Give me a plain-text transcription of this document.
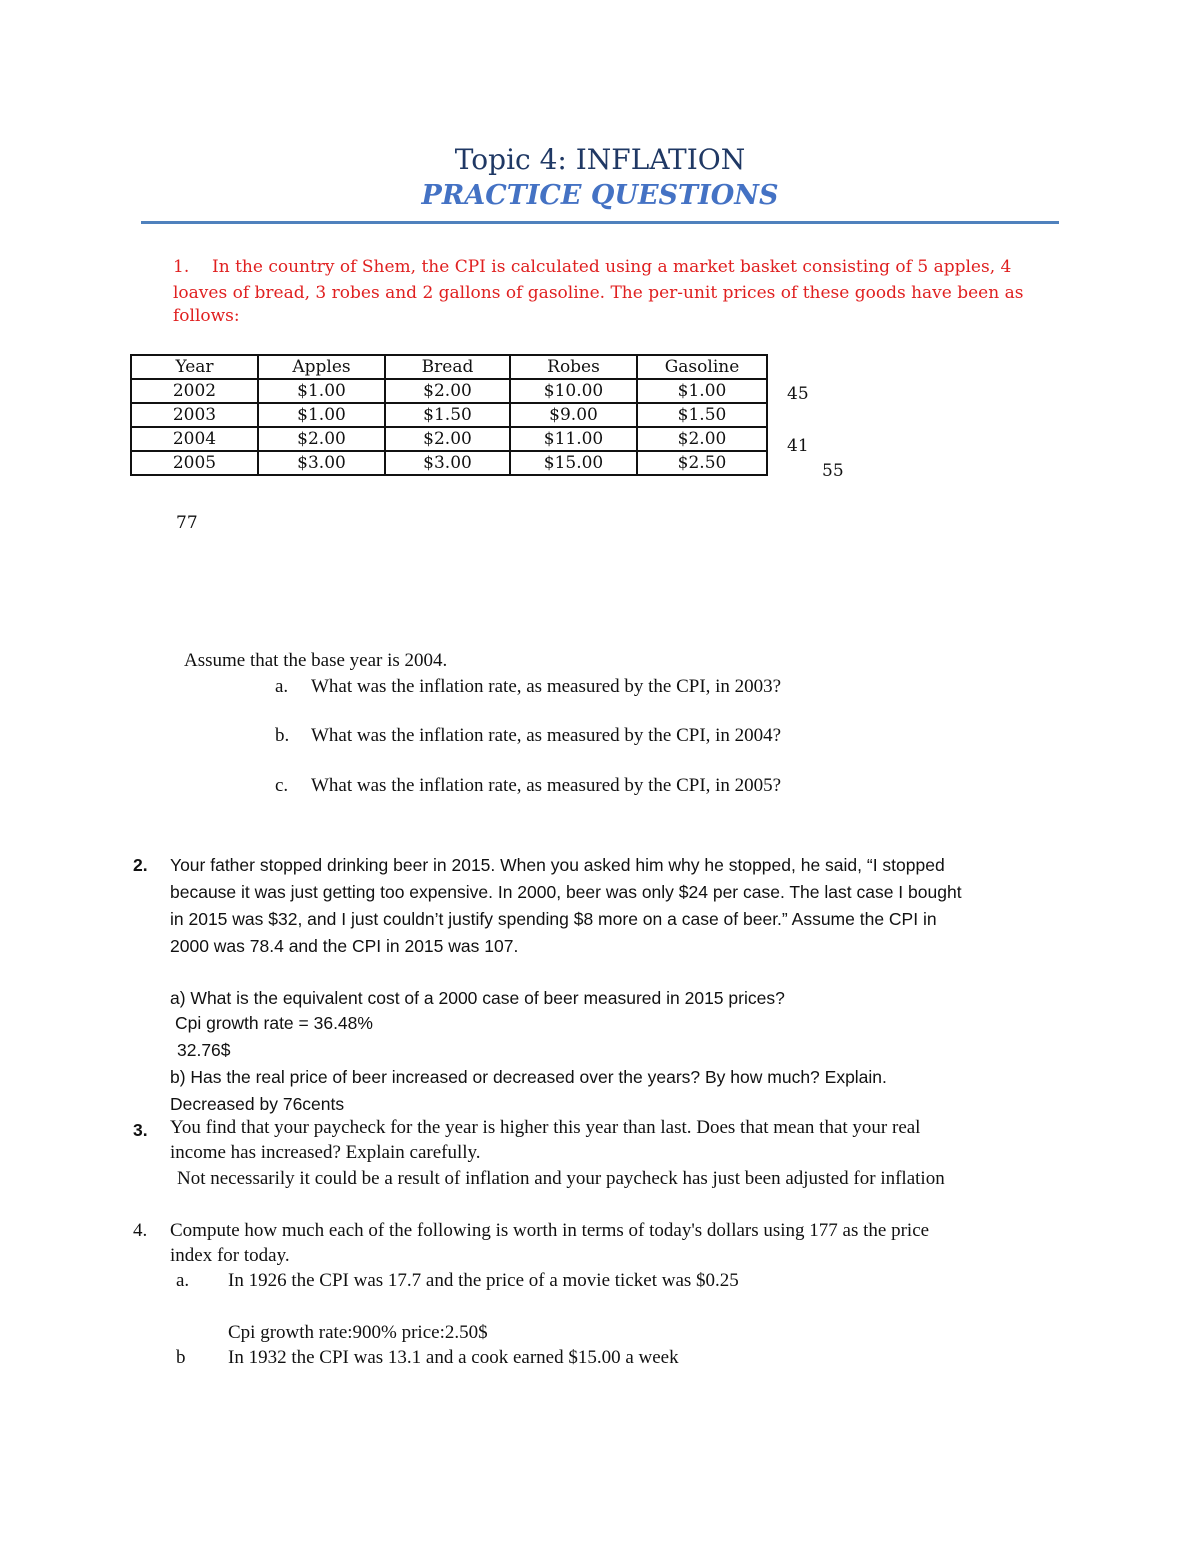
Topic 4: INFLATION
PRACTICE QUESTIONS
1. In the country of Shem, the CPI is calculated using a market basket consisting of 5 apples, 4
loaves of bread, 3 robes and 2 gallons of gasoline. The per-unit prices of these goods have been as
follows:
Year	Apples	Bread	Robes	Gasoline
2002	$1.00	$2.00	$10.00	$1.00
2003	$1.00	$1.50	$9.00	$1.50
2004	$2.00	$2.00	$11.00	$2.00
2005	$3.00	$3.00	$15.00	$2.50
45
41
55
77
Assume that the base year is 2004.
a. What was the inflation rate, as measured by the CPI, in 2003?
b. What was the inflation rate, as measured by the CPI, in 2004?
c. What was the inflation rate, as measured by the CPI, in 2005?
2. Your father stopped drinking beer in 2015. When you asked him why he stopped, he said, “I stopped
because it was just getting too expensive. In 2000, beer was only $24 per case. The last case I bought
in 2015 was $32, and I just couldn’t justify spending $8 more on a case of beer.” Assume the CPI in
2000 was 78.4 and the CPI in 2015 was 107.
a) What is the equivalent cost of a 2000 case of beer measured in 2015 prices?
Cpi growth rate = 36.48%
32.76$
b) Has the real price of beer increased or decreased over the years? By how much? Explain.
Decreased by 76cents
3. You find that your paycheck for the year is higher this year than last. Does that mean that your real
income has increased? Explain carefully.
Not necessarily it could be a result of inflation and your paycheck has just been adjusted for inflation
4. Compute how much each of the following is worth in terms of today's dollars using 177 as the price
index for today.
a. In 1926 the CPI was 17.7 and the price of a movie ticket was $0.25
Cpi growth rate:900% price:2.50$
b In 1932 the CPI was 13.1 and a cook earned $15.00 a week
